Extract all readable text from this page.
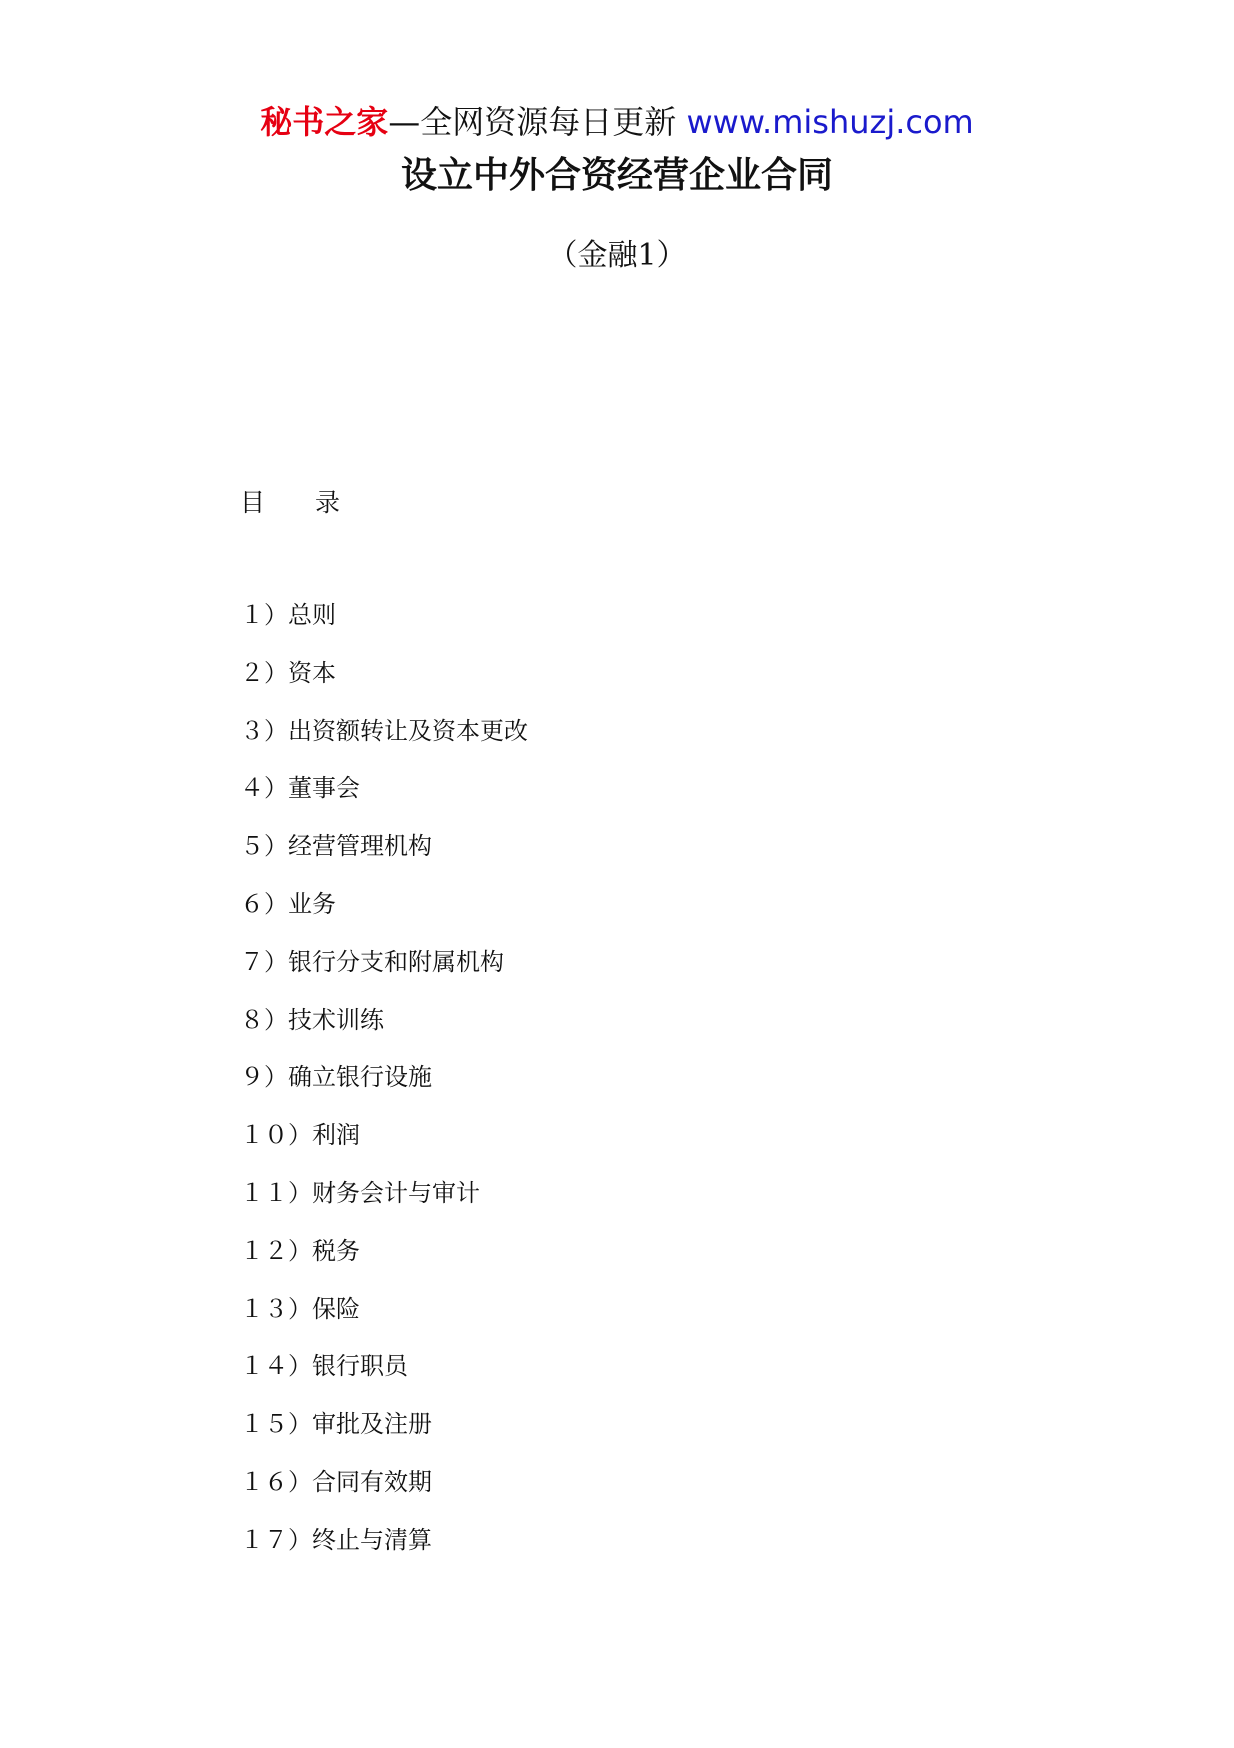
秘书之家—全网资源每日更新 www.mishuzj.com
设立中外合资经营企业合同
（金融1）
目　　录
１）总则
２）资本
３）出资额转让及资本更改
４）董事会
５）经营管理机构
６）业务
７）银行分支和附属机构
８）技术训练
９）确立银行设施
１０）利润
１１）财务会计与审计
１２）税务
１３）保险
１４）银行职员
１５）审批及注册
１６）合同有效期
１７）终止与清算
